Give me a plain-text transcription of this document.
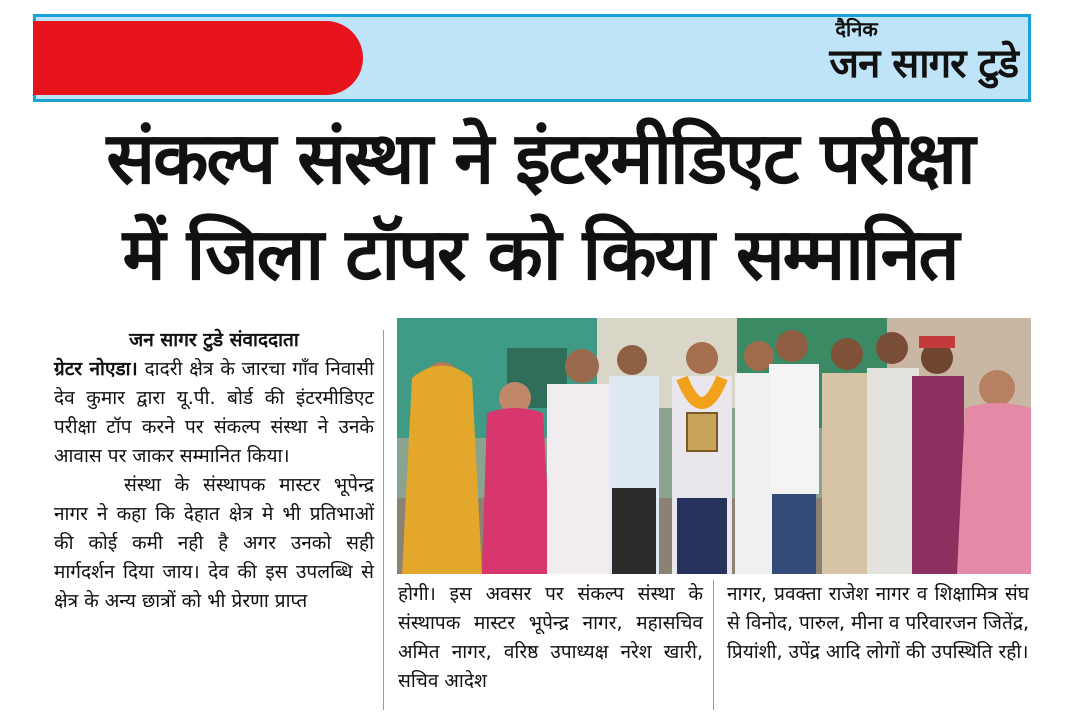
दैनिक
जन सागर टुडे
संकल्प संस्था ने इंटरमीडिएट परीक्षा
में जिला टॉपर को किया सम्मानित
जन सागर टुडे संवाददाता
ग्रेटर नोएडा। दादरी क्षेत्र के जारचा गाँव निवासी देव कुमार द्वारा यू.पी. बोर्ड की इंटरमीडिएट परीक्षा टॉप करने पर संकल्प संस्था ने उनके आवास पर जाकर सम्मानित किया।
संस्था के संस्थापक मास्टर भूपेन्द्र नागर ने कहा कि देहात क्षेत्र मे भी प्रतिभाओं की कोई कमी नही है अगर उनको सही मार्गदर्शन दिया जाय। देव की इस उपलब्धि से क्षेत्र के अन्य छात्रों को भी प्रेरणा प्राप्त	होगी। इस अवसर पर संकल्प संस्था के संस्थापक मास्टर भूपेन्द्र नागर, महासचिव अमित नागर, वरिष्ठ उपाध्यक्ष नरेश खारी, सचिव आदेश
नागर, प्रवक्ता राजेश नागर व शिक्षामित्र संघ से विनोद, पारुल, मीना व परिवारजन जितेंद्र, प्रियांशी, उपेंद्र आदि लोगों की उपस्थिति रही।
